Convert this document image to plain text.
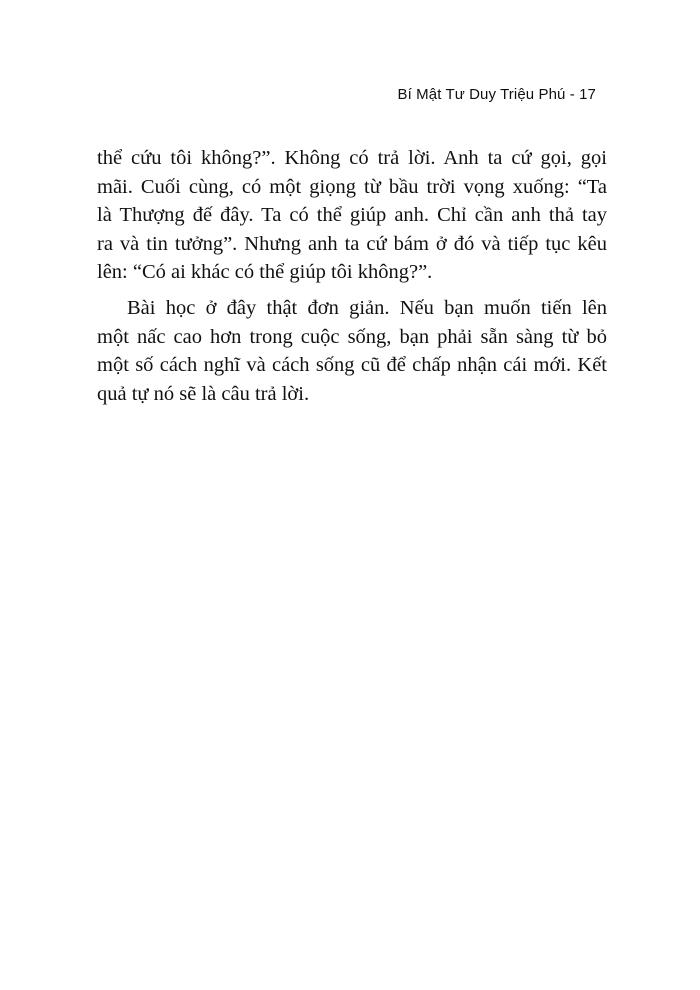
Bí Mật Tư Duy Triệu Phú - 17
thể cứu tôi không?”. Không có trả lời. Anh ta cứ gọi, gọi
mãi. Cuối cùng, có một giọng từ bầu trời vọng xuống: “Ta
là Thượng đế đây. Ta có thể giúp anh. Chỉ cần anh thả tay
ra và tin tưởng”. Nhưng anh ta cứ bám ở đó và tiếp tục kêu
lên: “Có ai khác có thể giúp tôi không?”.
Bài học ở đây thật đơn giản. Nếu bạn muốn tiến lên
một nấc cao hơn trong cuộc sống, bạn phải sẵn sàng từ bỏ
một số cách nghĩ và cách sống cũ để chấp nhận cái mới. Kết
quả tự nó sẽ là câu trả lời.
